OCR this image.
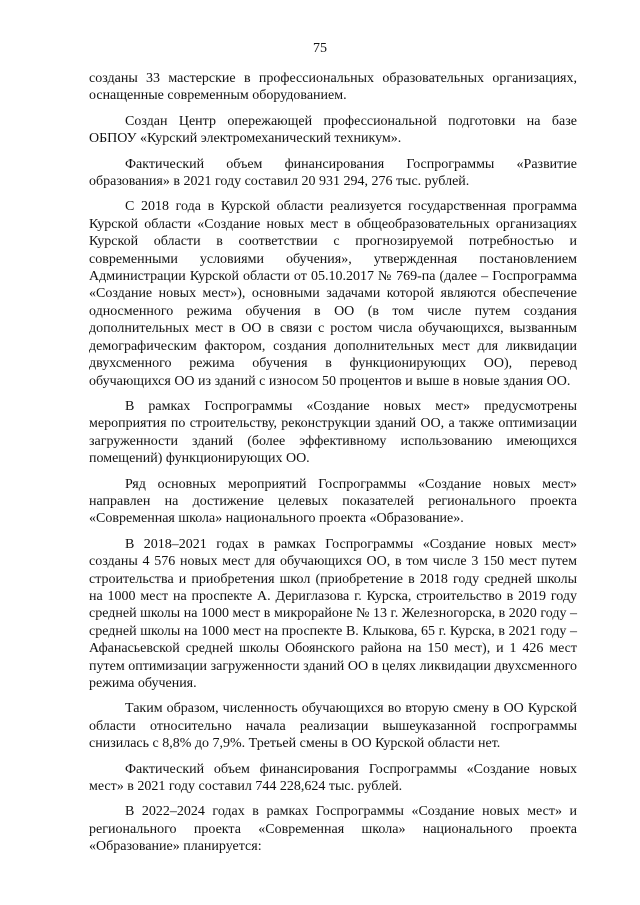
75

созданы 33 мастерские в профессиональных образовательных организациях, оснащенные современным оборудованием.

Создан Центр опережающей профессиональной подготовки на базе ОБПОУ «Курский электромеханический техникум».

Фактический объем финансирования Госпрограммы «Развитие образования» в 2021 году составил 20 931 294, 276 тыс. рублей.

С 2018 года в Курской области реализуется государственная программа Курской области «Создание новых мест в общеобразовательных организациях Курской области в соответствии с прогнозируемой потребностью и современными условиями обучения», утвержденная постановлением Администрации Курской области от 05.10.2017 № 769-па (далее – Госпрограмма «Создание новых мест»), основными задачами которой являются обеспечение односменного режима обучения в ОО (в том числе путем создания дополнительных мест в ОО в связи с ростом числа обучающихся, вызванным демографическим фактором, создания дополнительных мест для ликвидации двухсменного режима обучения в функционирующих ОО), перевод обучающихся ОО из зданий с износом 50 процентов и выше в новые здания ОО.

В рамках Госпрограммы «Создание новых мест» предусмотрены мероприятия по строительству, реконструкции зданий ОО, а также оптимизации загруженности зданий (более эффективному использованию имеющихся помещений) функционирующих ОО.

Ряд основных мероприятий Госпрограммы «Создание новых мест» направлен на достижение целевых показателей регионального проекта «Современная школа» национального проекта «Образование».

В 2018–2021 годах в рамках Госпрограммы «Создание новых мест» созданы 4 576 новых мест для обучающихся ОО, в том числе 3 150 мест путем строительства и приобретения школ (приобретение в 2018 году средней школы на 1000 мест на проспекте А. Дериглазова г. Курска, строительство в 2019 году средней школы на 1000 мест в микрорайоне № 13 г. Железногорска, в 2020 году – средней школы на 1000 мест на проспекте В. Клыкова, 65 г. Курска, в 2021 году – Афанасьевской средней школы Обоянского района на 150 мест), и 1 426 мест путем оптимизации загруженности зданий ОО в целях ликвидации двухсменного режима обучения.

Таким образом, численность обучающихся во вторую смену в ОО Курской области относительно начала реализации вышеуказанной госпрограммы снизилась с 8,8% до 7,9%. Третьей смены в ОО Курской области нет.

Фактический объем финансирования Госпрограммы «Создание новых мест» в 2021 году составил 744 228,624 тыс. рублей.

В 2022–2024 годах в рамках Госпрограммы «Создание новых мест» и регионального проекта «Современная школа» национального проекта «Образование» планируется:
